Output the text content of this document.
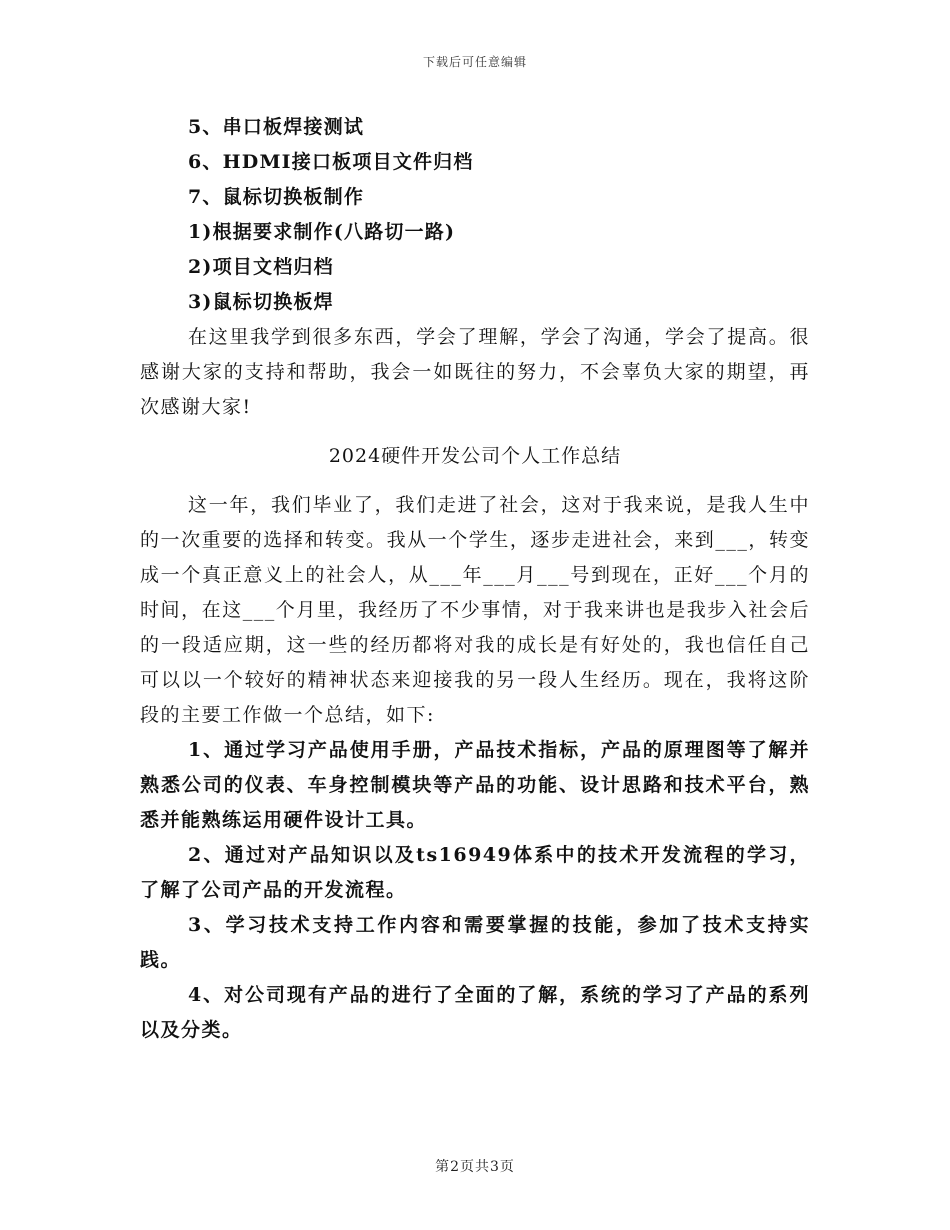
下载后可任意编辑
5、串口板焊接测试
6、HDMI接口板项目文件归档
7、鼠标切换板制作
1)根据要求制作(八路切一路)
2)项目文档归档
3)鼠标切换板焊

在这里我学到很多东西，学会了理解，学会了沟通，学会了提高。很感谢大家的支持和帮助，我会一如既往的努力，不会辜负大家的期望，再次感谢大家!

2024硬件开发公司个人工作总结

这一年，我们毕业了，我们走进了社会，这对于我来说，是我人生中的一次重要的选择和转变。我从一个学生，逐步走进社会，来到___，转变成一个真正意义上的社会人，从___年___月___号到现在，正好___个月的时间，在这___个月里，我经历了不少事情，对于我来讲也是我步入社会后的一段适应期，这一些的经历都将对我的成长是有好处的，我也信任自己可以以一个较好的精神状态来迎接我的另一段人生经历。现在，我将这阶段的主要工作做一个总结，如下:

1、通过学习产品使用手册，产品技术指标，产品的原理图等了解并熟悉公司的仪表、车身控制模块等产品的功能、设计思路和技术平台，熟悉并能熟练运用硬件设计工具。

2、通过对产品知识以及ts16949体系中的技术开发流程的学习，了解了公司产品的开发流程。

3、学习技术支持工作内容和需要掌握的技能，参加了技术支持实践。

4、对公司现有产品的进行了全面的了解，系统的学习了产品的系列以及分类。

第2页共3页
